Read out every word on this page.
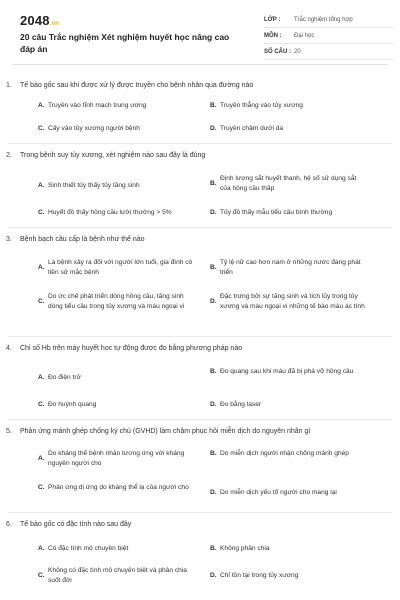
2048.vn
20 câu Trắc nghiệm Xét nghiệm huyết học nâng cao đáp án
LỚP :	Trắc nghiệm tổng hợp
MÔN :	Đại học
SỐ CÂU : 20
1. Tế bào gốc sau khi được xử lý được truyền cho bệnh nhân qua đường nào
A. Truyền vào tĩnh mạch trung ương	B. Truyền thẳng vào tủy xương
C. Cấy vào tủy xương người bệnh	D. Truyền chậm dưới da
2. Trong bệnh suy tủy xương, xét nghiệm nào sau đây là đúng
A. Sinh thiết tủy thấy tủy tăng sinh	B.
Định lượng sắt huyết thanh, hệ số sử dụng sắt của hồng cầu thấp
C. Huyết đồ thấy hồng cầu lưới thường > 5%	D. Tủy đồ thấy mẫu tiểu cầu bình thường
3. Bệnh bạch cầu cấp là bệnh như thế nào
A.
Là bệnh xảy ra đối với người lớn tuổi, gia đình có tiền sử mắc bệnh
B.
Tỷ lệ nữ cao hơn nam ở những nước đang phát triển
C.
Do ức chế phát triển dòng hồng cầu, tăng sinh dòng tiểu cầu trong tủy xương và máu ngoại vi
D.
Đặc trưng bởi sự tăng sinh và tích lũy trong tủy xương và máu ngoại vi những tế bào máu ác tính
4. Chỉ số Hb trên máy huyết học tự động được đo bằng phương pháp nào
A. Đo điện trở
B. Đo quang sau khi máu đã bị phá vỡ hồng cầu
C. Đo huỳnh quang	D. Đo bằng laser
5. Phản ứng mảnh ghép chống ký chủ (GVHD) làm chậm phục hồi miễn dịch do nguyên nhân gì
A.
Do kháng thể bệnh nhân tương ứng với kháng nguyên người cho
B. Do miễn dịch người nhận chống mảnh ghép
C. Phản ứng dị ứng do kháng thể lạ của người cho
D. Do miễn dịch yếu tố người cho mang lại
6. Tế bào gốc có đặc tính nào sau đây
A. Có đặc tính mô chuyên biệt	B. Không phân chia
C.
Không có đặc tính mô chuyên biệt và phân chia suốt đời
D. Chỉ tồn tại trong tủy xương
